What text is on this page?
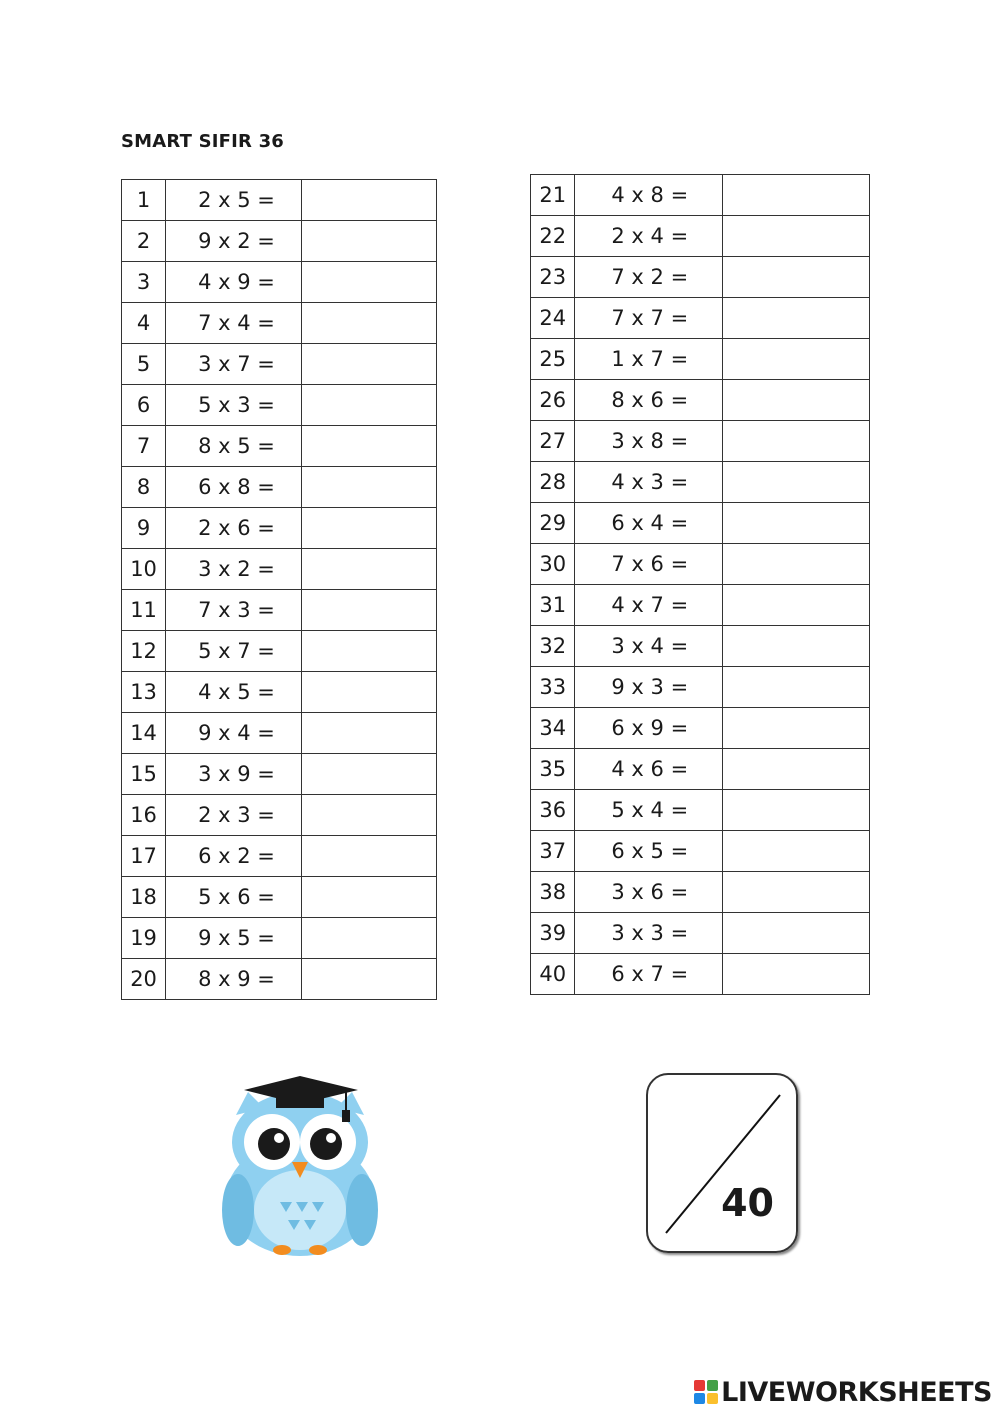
SMART SIFIR 36
1	2 x 5 =	
2	9 x 2 =	
3	4 x 9 =	
4	7 x 4 =	
5	3 x 7 =	
6	5 x 3 =	
7	8 x 5 =	
8	6 x 8 =	
9	2 x 6 =	
10	3 x 2 =	
11	7 x 3 =	
12	5 x 7 =	
13	4 x 5 =	
14	9 x 4 =	
15	3 x 9 =	
16	2 x 3 =	
17	6 x 2 =	
18	5 x 6 =	
19	9 x 5 =	
20	8 x 9 =	
21	4 x 8 =	
22	2 x 4 =	
23	7 x 2 =	
24	7 x 7 =	
25	1 x 7 =	
26	8 x 6 =	
27	3 x 8 =	
28	4 x 3 =	
29	6 x 4 =	
30	7 x 6 =	
31	4 x 7 =	
32	3 x 4 =	
33	9 x 3 =	
34	6 x 9 =	
35	4 x 6 =	
36	5 x 4 =	
37	6 x 5 =	
38	3 x 6 =	
39	3 x 3 =	
40	6 x 7 =	
40
LIVEWORKSHEETS
